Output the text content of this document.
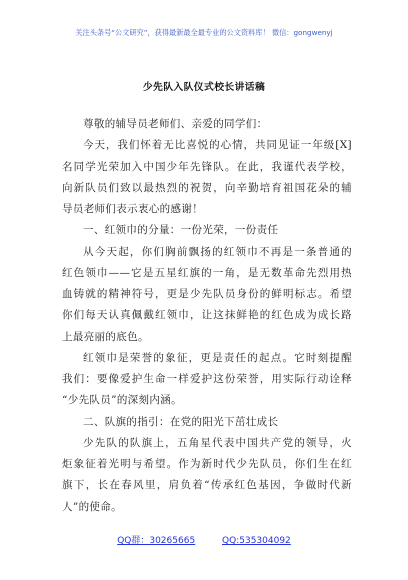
关注头条号“公文研究”，获得最新最全最专业的公文资料库！ 微信：gongwenyj
少先队入队仪式校长讲话稿
尊敬的辅导员老师们、亲爱的同学们：
今天，我们怀着无比喜悦的心情，共同见证一年级[X]
名同学光荣加入中国少年先锋队。在此，我谨代表学校，
向新队员们致以最热烈的祝贺，向辛勤培育祖国花朵的辅
导员老师们表示衷心的感谢！
一、红领巾的分量：一份光荣，一份责任
从今天起，你们胸前飘扬的红领巾不再是一条普通的
红色领巾——它是五星红旗的一角，是无数革命先烈用热
血铸就的精神符号，更是少先队员身份的鲜明标志。希望
你们每天认真佩戴红领巾，让这抹鲜艳的红色成为成长路
上最亮丽的底色。
红领巾是荣誉的象征，更是责任的起点。它时刻提醒
我们：要像爱护生命一样爱护这份荣誉，用实际行动诠释
“少先队员”的深刻内涵。
二、队旗的指引：在党的阳光下茁壮成长
少先队的队旗上，五角星代表中国共产党的领导，火
炬象征着光明与希望。作为新时代少先队员，你们生在红
旗下，长在春风里，肩负着“传承红色基因，争做时代新
人”的使命。
QQ群：30265665	QQ:535304092
